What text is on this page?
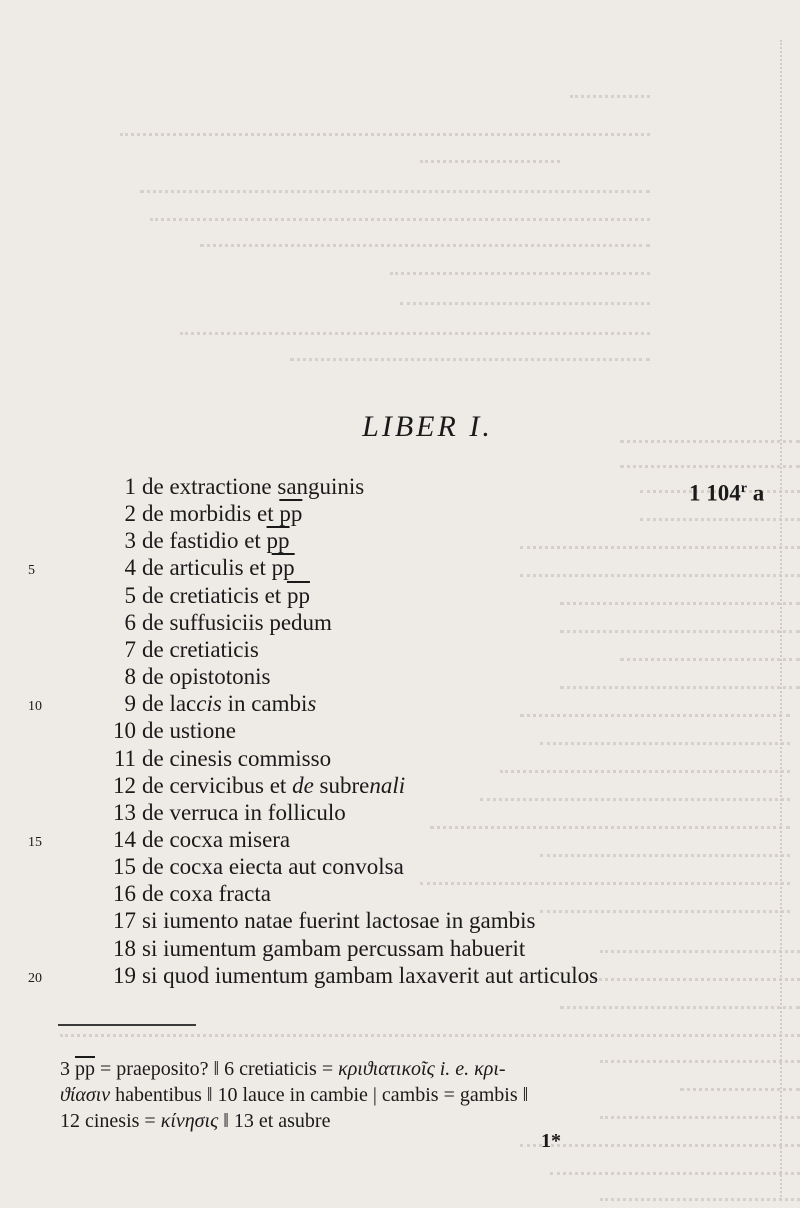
LIBER I.
1 104$^r$ a
1 de extractione sanguinis
2 de morbidis et $\overline{pp}$
3 de fastidio et $\overline{pp}$
4 de articulis et $\overline{pp}$
5 de cretiaticis et $\overline{pp}$
6 de suffusiciis pedum
7 de cretiaticis
8 de opistotonis
9 de laccis in cambis
10 de ustione
11 de cinesis commisso
12 de cervicibus et de subrenali
13 de verruca in folliculo
14 de cocxa misera
15 de cocxa eiecta aut convolsa
16 de coxa fracta
17 si iumento natae fuerint lactosae in gambis
18 si iumentum gambam percussam habuerit
19 si quod iumentum gambam laxaverit aut articulos
5
10
15
20
3 $\overline{pp}$ = praeposito? ‖ 6 cretiaticis = κριϑιατικοῖς i. e. κρι-
ϑίασιν habentibus ‖ 10 lauce in cambie | cambis = gambis ‖
12 cinesis = κίνησις ‖ 13 et asubre
1*
